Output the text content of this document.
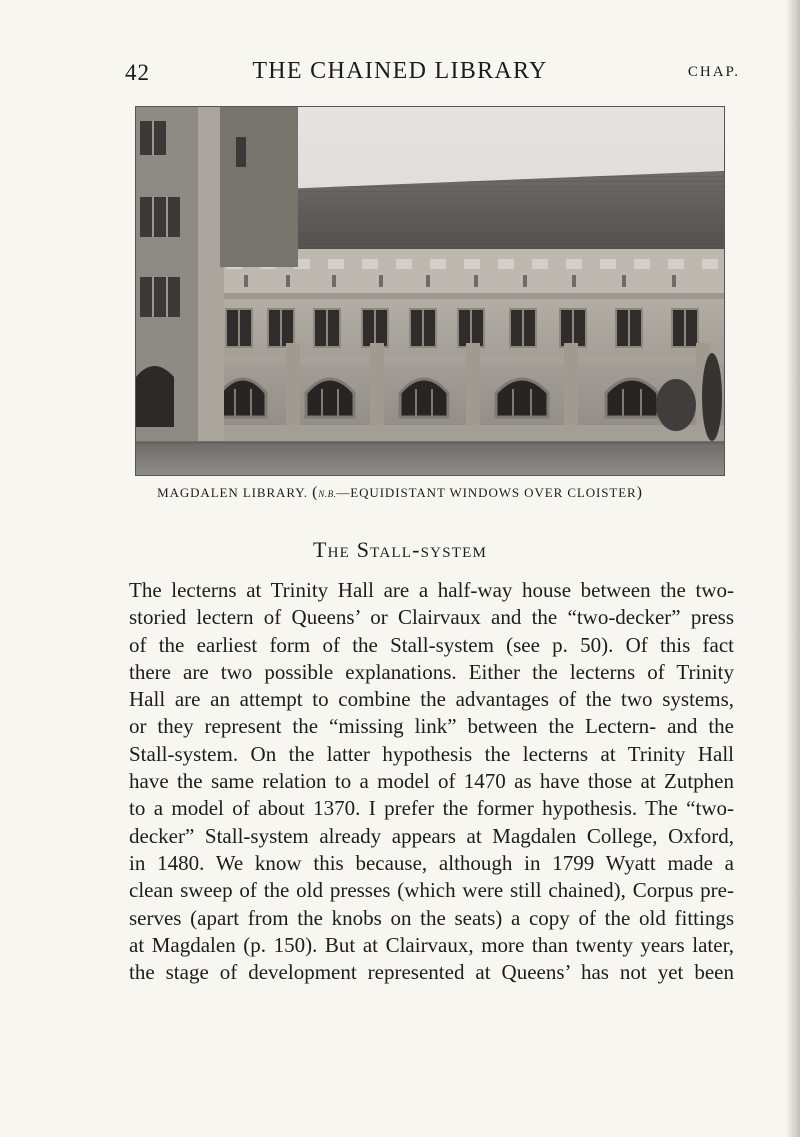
42	THE CHAINED LIBRARY	CHAP.
MAGDALEN LIBRARY. (N.B.—EQUIDISTANT WINDOWS OVER CLOISTER)
The Stall-system
The lecterns at Trinity Hall are a half-way house between the two-
storied lectern of Queens’ or Clairvaux and the “two-decker” press
of the earliest form of the Stall-system (see p. 50). Of this fact
there are two possible explanations. Either the lecterns of Trinity
Hall are an attempt to combine the advantages of the two systems,
or they represent the “missing link” between the Lectern- and the
Stall-system. On the latter hypothesis the lecterns at Trinity Hall
have the same relation to a model of 1470 as have those at Zutphen
to a model of about 1370. I prefer the former hypothesis. The “two-
decker” Stall-system already appears at Magdalen College, Oxford,
in 1480. We know this because, although in 1799 Wyatt made a
clean sweep of the old presses (which were still chained), Corpus pre-
serves (apart from the knobs on the seats) a copy of the old fittings
at Magdalen (p. 150). But at Clairvaux, more than twenty years later,
the stage of development represented at Queens’ has not yet been
